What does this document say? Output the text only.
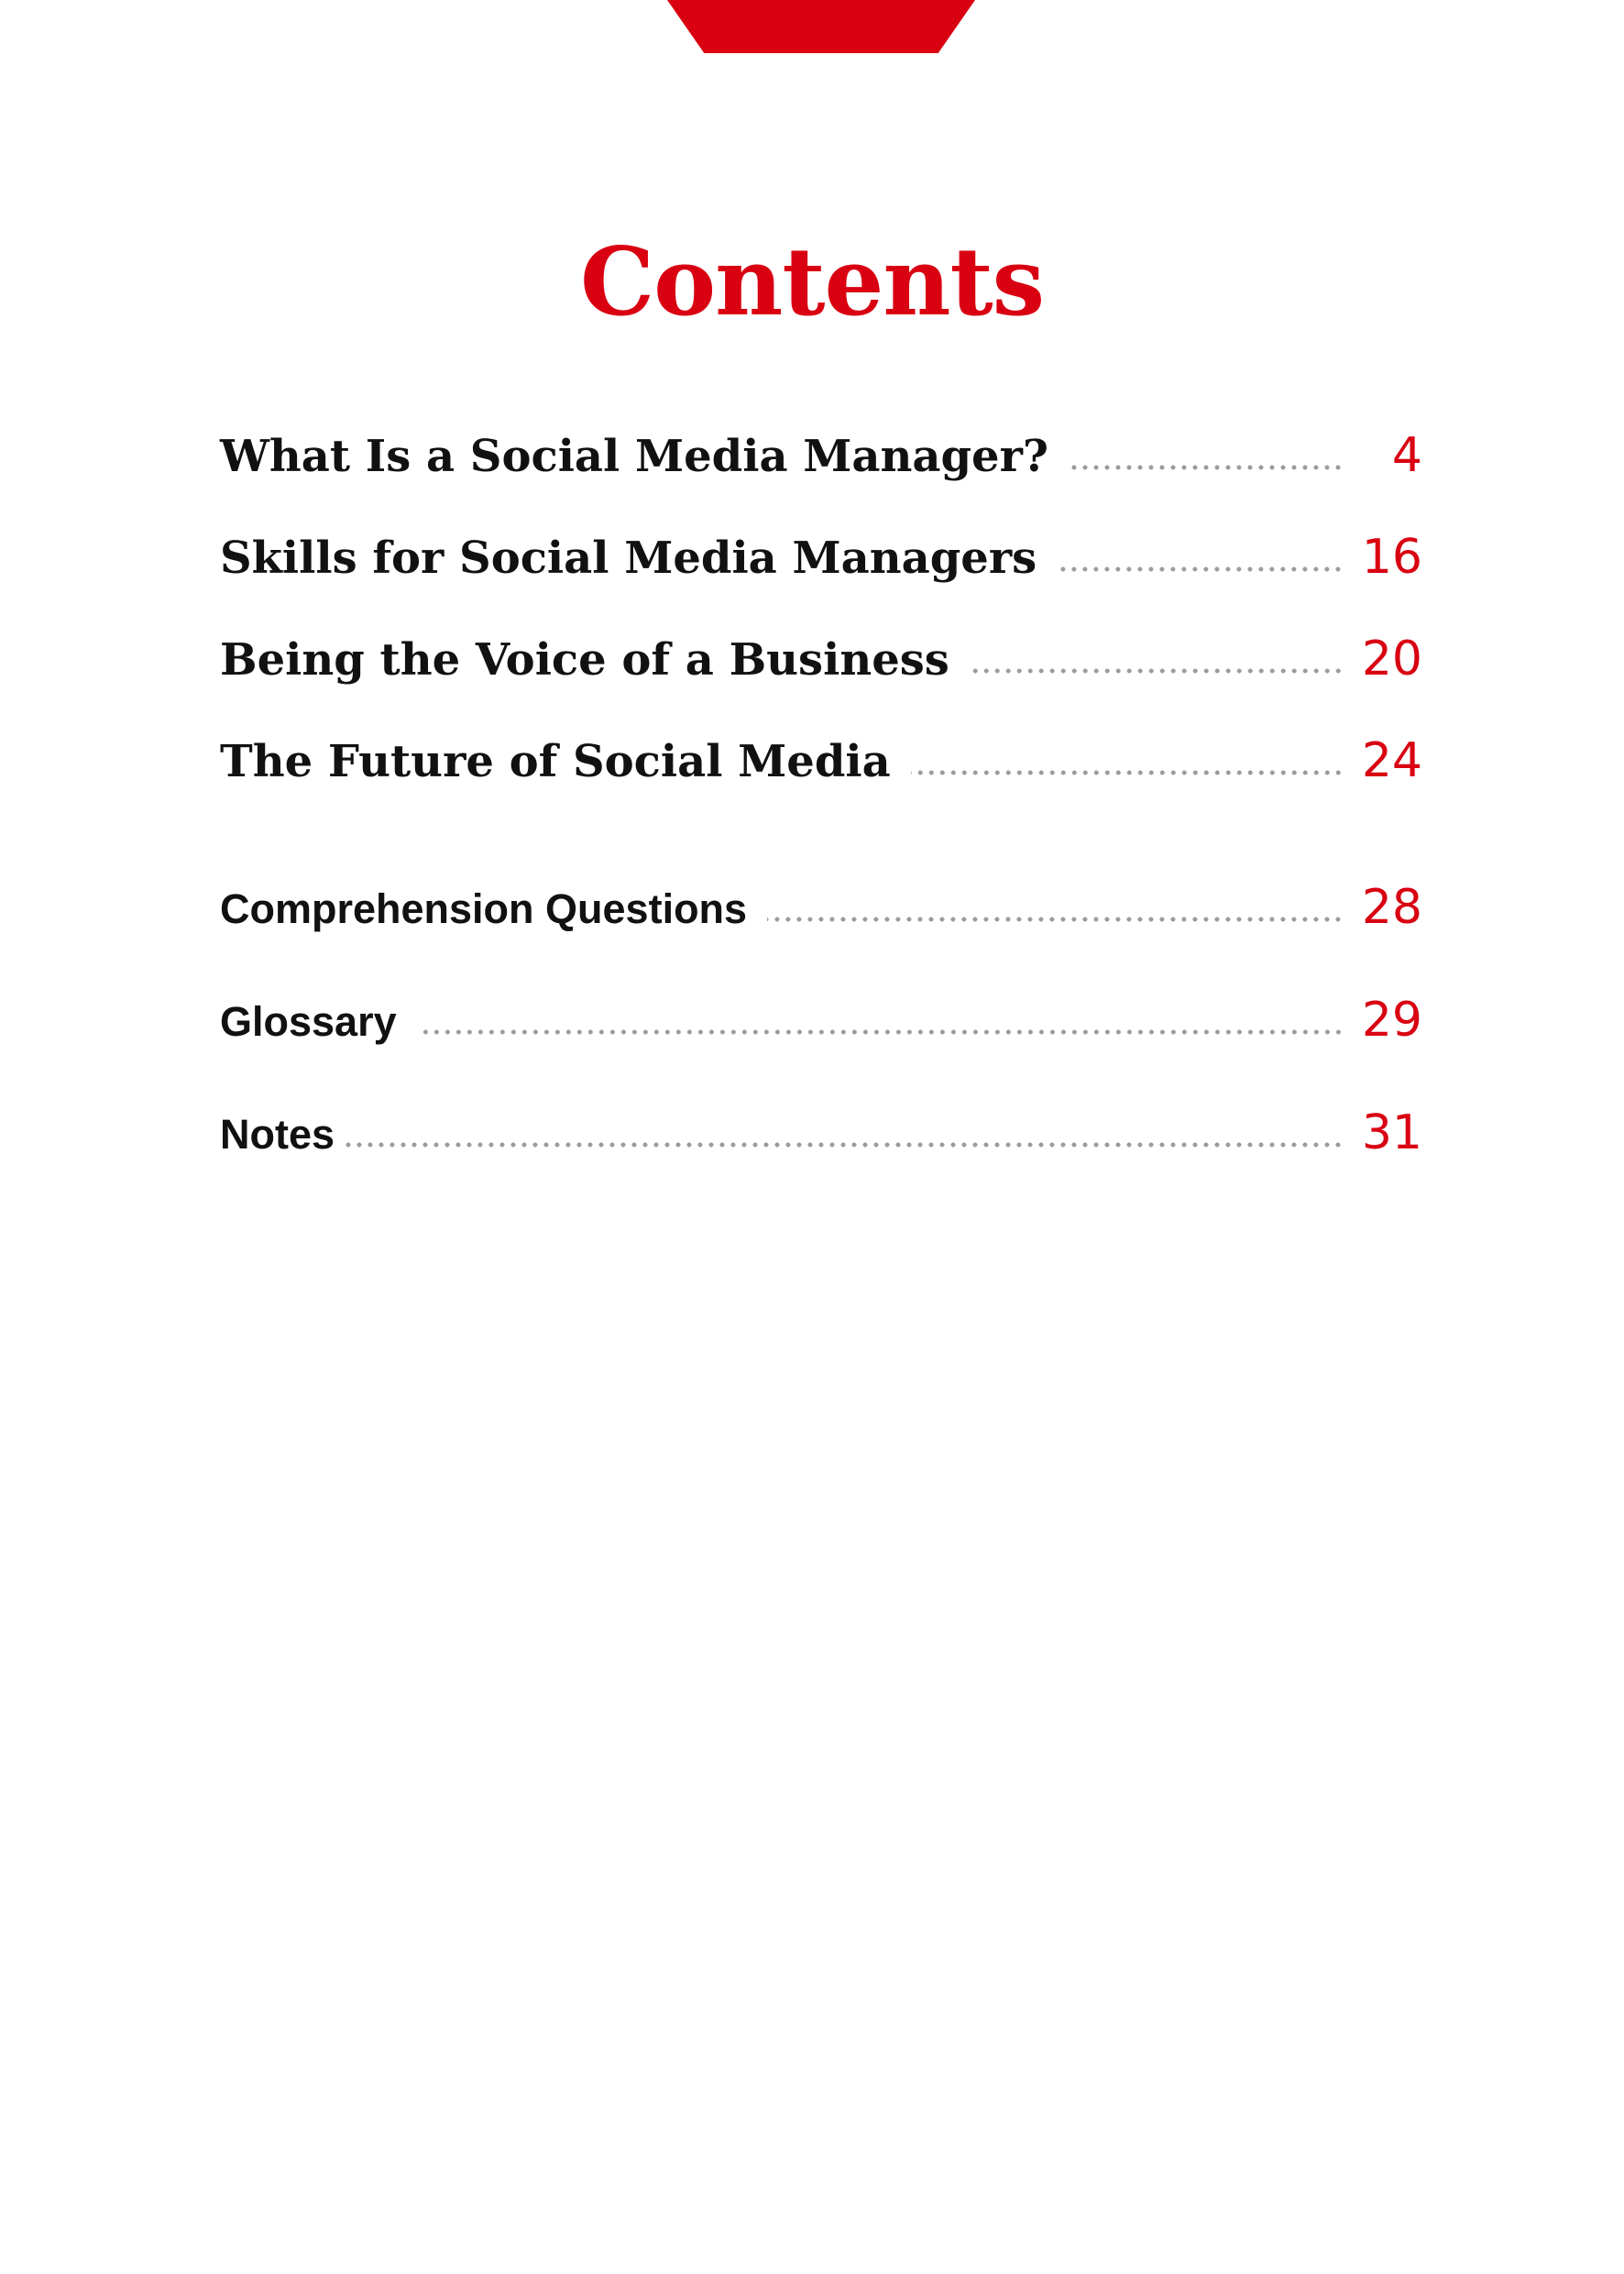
Contents
What Is a Social Media Manager?	4
Skills for Social Media Managers	16
Being the Voice of a Business	20
The Future of Social Media	24
Comprehension Questions	28
Glossary	29
Notes	31
